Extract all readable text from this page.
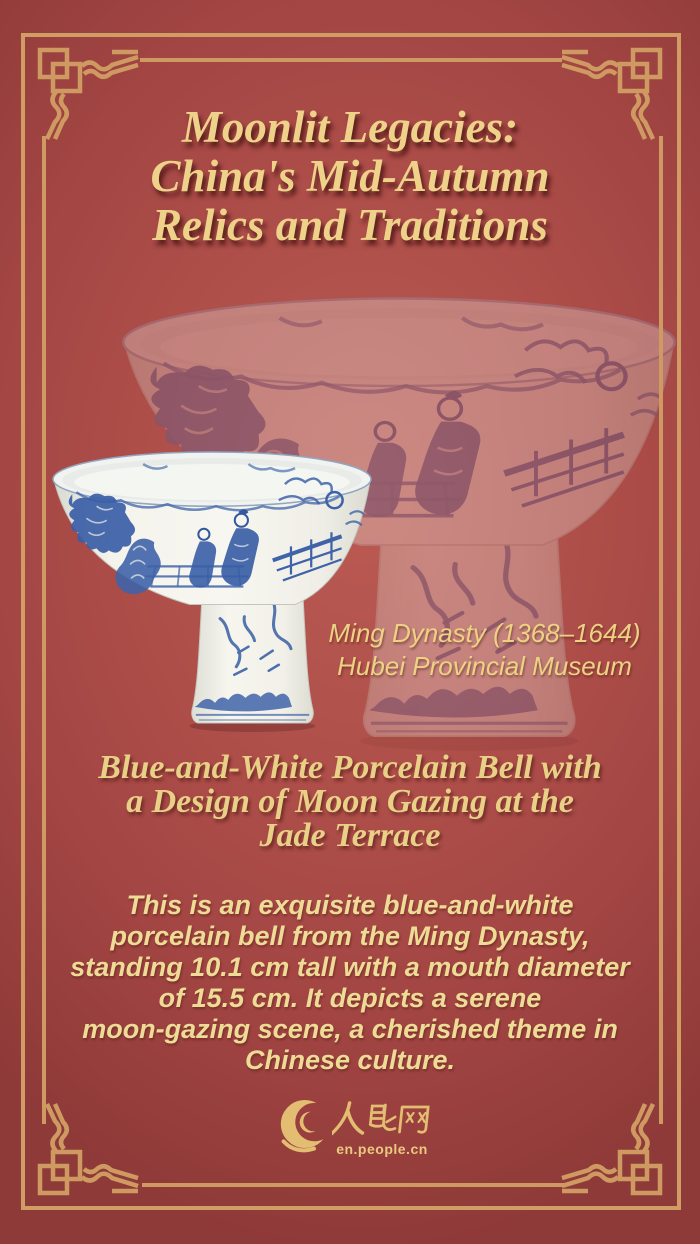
Moonlit Legacies:
China's Mid-Autumn
Relics and Traditions
Ming Dynasty (1368–1644)
Hubei Provincial Museum
Blue-and-White Porcelain Bell with
a Design of Moon Gazing at the
Jade Terrace
This is an exquisite blue-and-white
porcelain bell from the Ming Dynasty,
standing 10.1 cm tall with a mouth diameter
of 15.5 cm. It depicts a serene
moon-gazing scene, a cherished theme in
Chinese culture.
en.people.cn
